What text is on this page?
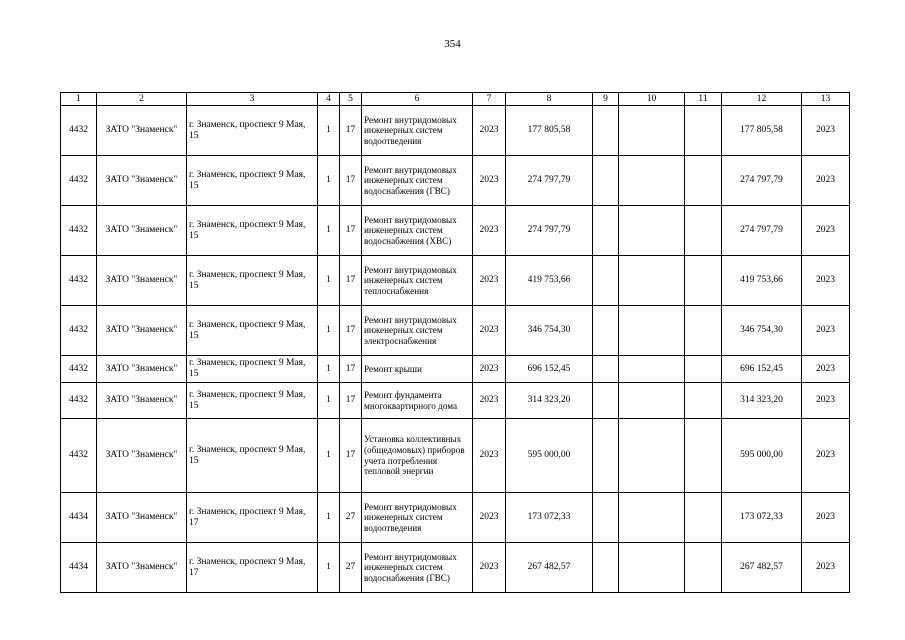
354
1	2	3	4	5	6	7	8	9	10	11	12	13
4432	ЗАТО "Знаменск"	г. Знаменск, проспект 9 Мая, 15	1	17	Ремонт внутридомовых инженерных систем водоотведения	2023	177 805,58				177 805,58	2023
4432	ЗАТО "Знаменск"	г. Знаменск, проспект 9 Мая, 15	1	17	Ремонт внутридомовых инженерных систем водоснабжения (ГВС)	2023	274 797,79				274 797,79	2023
4432	ЗАТО "Знаменск"	г. Знаменск, проспект 9 Мая, 15	1	17	Ремонт внутридомовых инженерных систем водоснабжения (ХВС)	2023	274 797,79				274 797,79	2023
4432	ЗАТО "Знаменск"	г. Знаменск, проспект 9 Мая, 15	1	17	Ремонт внутридомовых инженерных систем теплоснабжения	2023	419 753,66				419 753,66	2023
4432	ЗАТО "Знаменск"	г. Знаменск, проспект 9 Мая, 15	1	17	Ремонт внутридомовых инженерных систем электроснабжения	2023	346 754,30				346 754,30	2023
4432	ЗАТО "Знаменск"	г. Знаменск, проспект 9 Мая, 15	1	17	Ремонт крыши	2023	696 152,45				696 152,45	2023
4432	ЗАТО "Знаменск"	г. Знаменск, проспект 9 Мая, 15	1	17	Ремонт фундамента многоквартирного дома	2023	314 323,20				314 323,20	2023
4432	ЗАТО "Знаменск"	г. Знаменск, проспект 9 Мая, 15	1	17	Установка коллективных (общедомовых) приборов учета потребления тепловой энергии	2023	595 000,00				595 000,00	2023
4434	ЗАТО "Знаменск"	г. Знаменск, проспект 9 Мая, 17	1	27	Ремонт внутридомовых инженерных систем водоотведения	2023	173 072,33				173 072,33	2023
4434	ЗАТО "Знаменск"	г. Знаменск, проспект 9 Мая, 17	1	27	Ремонт внутридомовых инженерных систем водоснабжения (ГВС)	2023	267 482,57				267 482,57	2023
